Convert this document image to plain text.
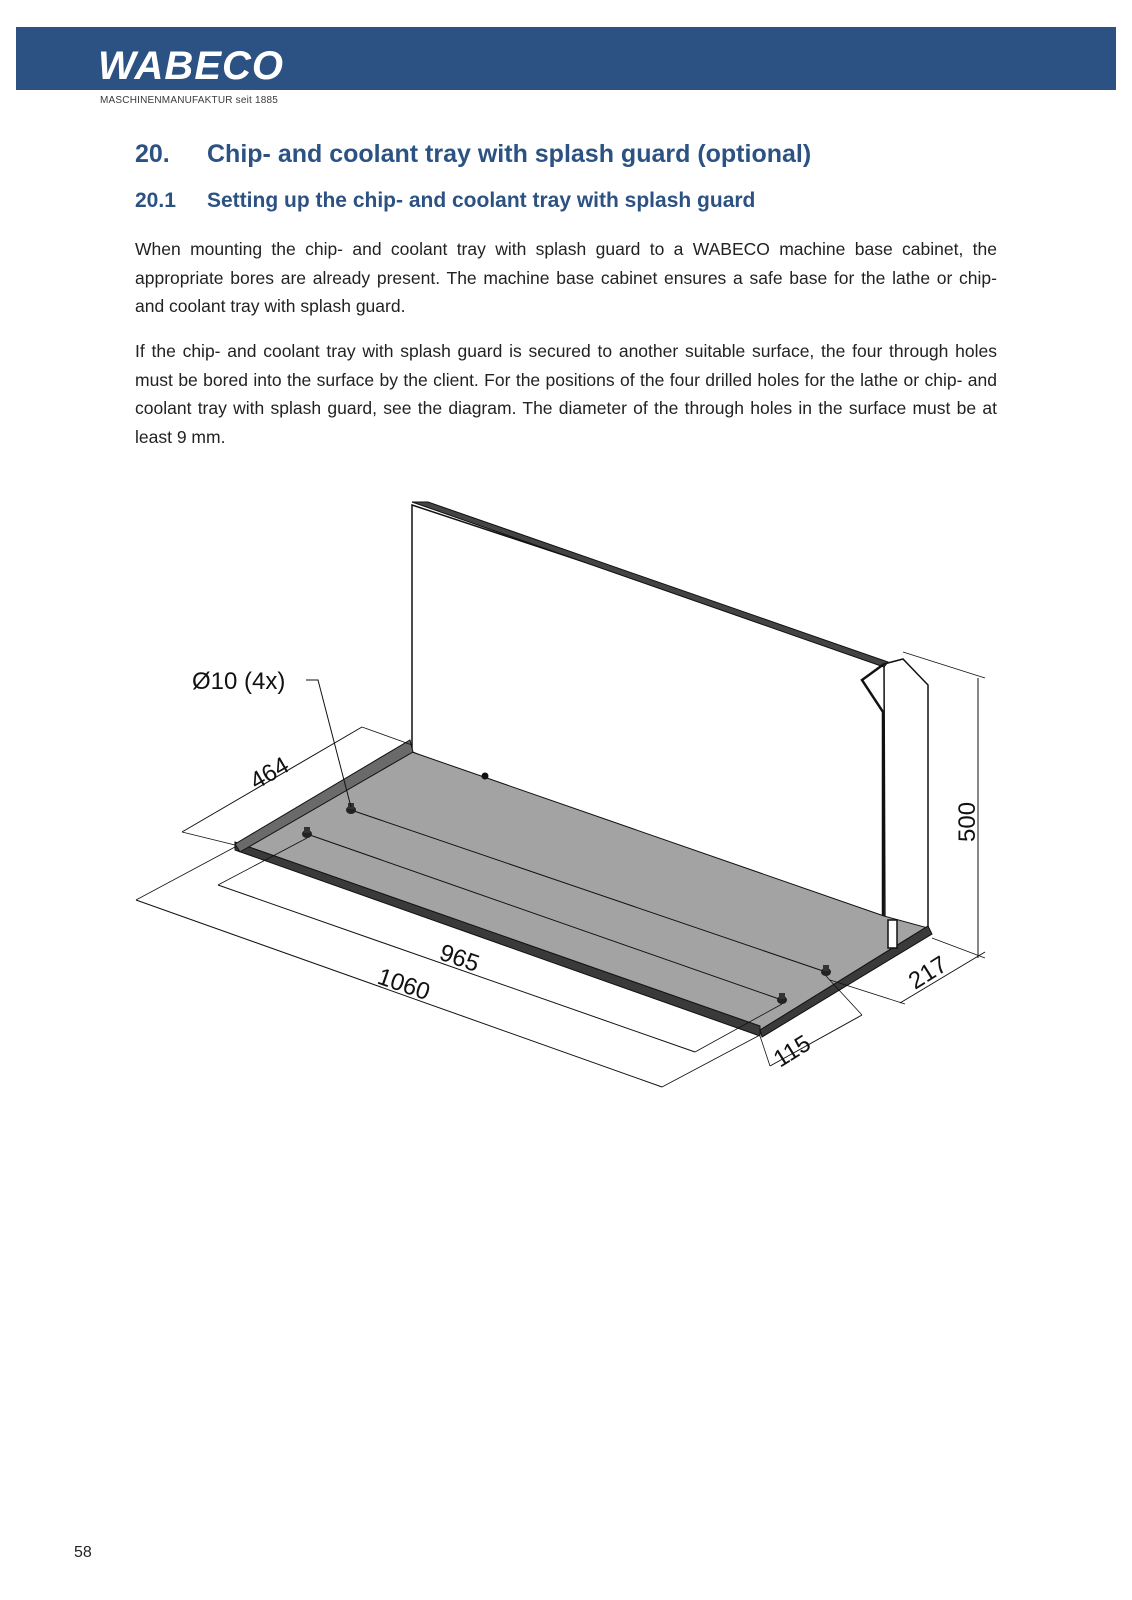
WABECO
MASCHINENMANUFAKTUR seit 1885
20. Chip- and coolant tray with splash guard (optional)
20.1 Setting up the chip- and coolant tray with splash guard
When mounting the chip- and coolant tray with splash guard to a WABECO machine base cabinet, the appropriate bores are already present. The machine base cabinet ensures a safe base for the lathe or chip- and coolant tray with splash guard.
If the chip- and coolant tray with splash guard is secured to another suitable surface, the four through holes must be bored into the surface by the client. For the positions of the four drilled holes for the lathe or chip- and coolant tray with splash guard, see the diagram. The diameter of the through holes in the surface must be at least 9 mm.
Ø10 (4x)
464
965
1060
500
217
115
58
